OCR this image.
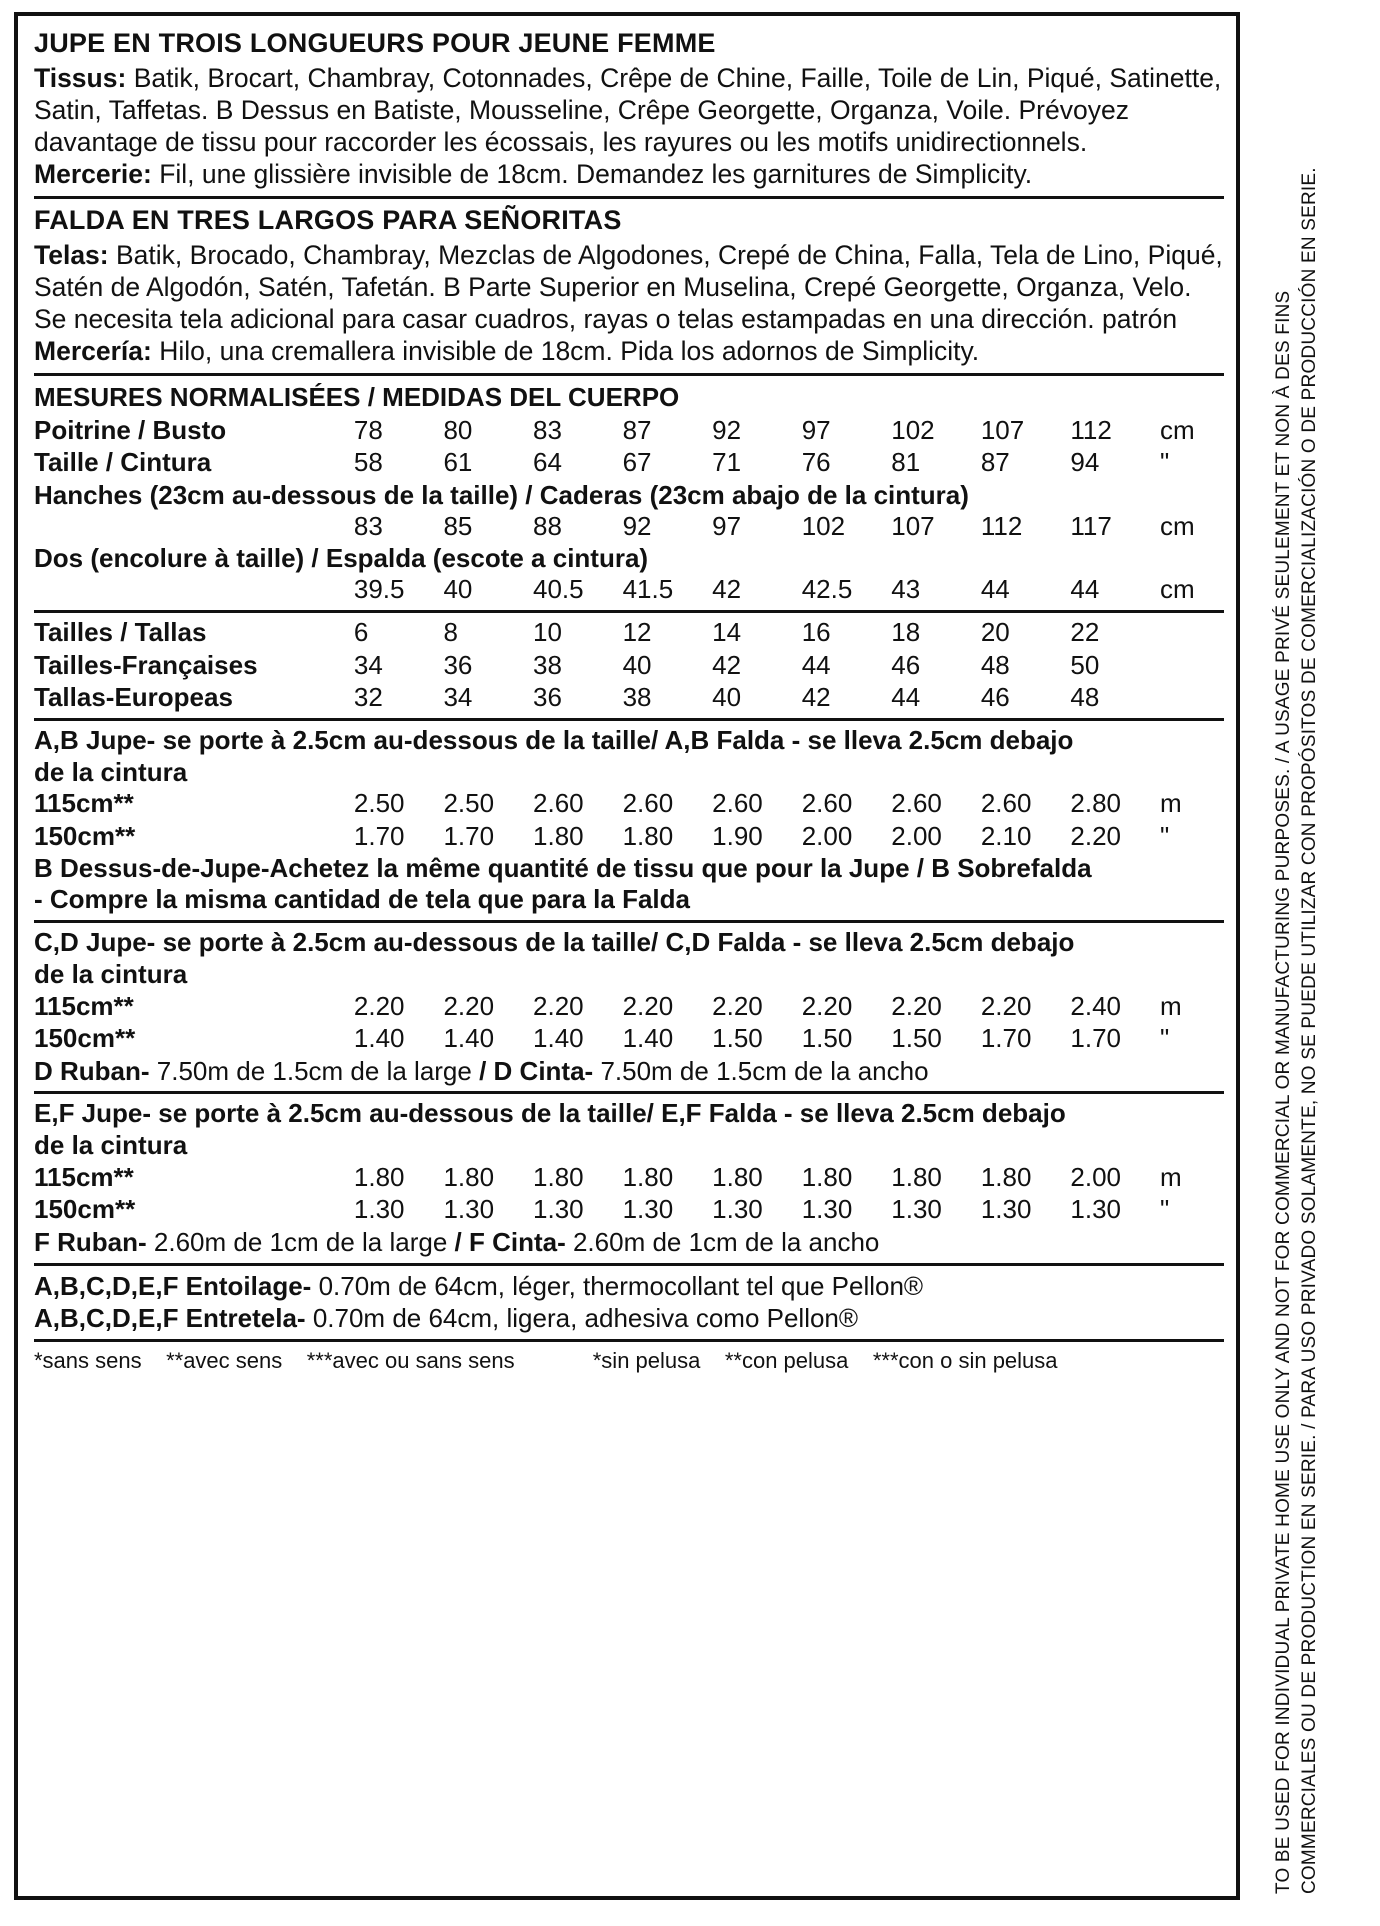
JUPE EN TROIS LONGUEURS POUR JEUNE FEMME
Tissus: Batik, Brocart, Chambray, Cotonnades, Crêpe de Chine, Faille, Toile de Lin, Piqué, Satinette, Satin, Taffetas. B Dessus en Batiste, Mousseline, Crêpe Georgette, Organza, Voile. Prévoyez davantage de tissu pour raccorder les écossais, les rayures ou les motifs unidirectionnels.
Mercerie: Fil, une glissière invisible de 18cm. Demandez les garnitures de Simplicity.
FALDA EN TRES LARGOS PARA SEÑORITAS
Telas: Batik, Brocado, Chambray, Mezclas de Algodones, Crepé de China, Falla, Tela de Lino, Piqué, Satén de Algodón, Satén, Tafetán. B Parte Superior en Muselina, Crepé Georgette, Organza, Velo. Se necesita tela adicional para casar cuadros, rayas o telas estampadas en una dirección. patrón
Mercería: Hilo, una cremallera invisible de 18cm. Pida los adornos de Simplicity.
MESURES NORMALISÉES / MEDIDAS DEL CUERPO
Poitrine / Busto	78	80	83	87	92	97	102	107	112	cm
Taille / Cintura	58	61	64	67	71	76	81	87	94	"
Hanches (23cm au-dessous de la taille) / Caderas (23cm abajo de la cintura)
	83	85	88	92	97	102	107	112	117	cm
Dos (encolure à taille) / Espalda (escote a cintura)
	39.5	40	40.5	41.5	42	42.5	43	44	44	cm
Tailles / Tallas	6	8	10	12	14	16	18	20	22	
Tailles-Françaises	34	36	38	40	42	44	46	48	50	
Tallas-Europeas	32	34	36	38	40	42	44	46	48	
A,B Jupe- se porte à 2.5cm au-dessous de la taille/ A,B Falda - se lleva 2.5cm debajo
de la cintura
115cm**	2.50	2.50	2.60	2.60	2.60	2.60	2.60	2.60	2.80	m
150cm**	1.70	1.70	1.80	1.80	1.90	2.00	2.00	2.10	2.20	"
B Dessus-de-Jupe-Achetez la même quantité de tissu que pour la Jupe / B Sobrefalda
- Compre la misma cantidad de tela que para la Falda
C,D Jupe- se porte à 2.5cm au-dessous de la taille/ C,D Falda - se lleva 2.5cm debajo
de la cintura
115cm**	2.20	2.20	2.20	2.20	2.20	2.20	2.20	2.20	2.40	m
150cm**	1.40	1.40	1.40	1.40	1.50	1.50	1.50	1.70	1.70	"
D Ruban- 7.50m de 1.5cm de la large / D Cinta- 7.50m de 1.5cm de la ancho
E,F Jupe- se porte à 2.5cm au-dessous de la taille/ E,F Falda - se lleva 2.5cm debajo
de la cintura
115cm**	1.80	1.80	1.80	1.80	1.80	1.80	1.80	1.80	2.00	m
150cm**	1.30	1.30	1.30	1.30	1.30	1.30	1.30	1.30	1.30	"
F Ruban- 2.60m de 1cm de la large / F Cinta- 2.60m de 1cm de la ancho
A,B,C,D,E,F Entoilage- 0.70m de 64cm, léger, thermocollant tel que Pellon®
A,B,C,D,E,F Entretela- 0.70m de 64cm, ligera, adhesiva como Pellon®
*sans sens **avec sens ***avec ou sans sens	*sin pelusa **con pelusa ***con o sin pelusa	TO BE USED FOR INDIVIDUAL PRIVATE HOME USE ONLY AND NOT FOR COMMERCIAL OR MANUFACTURING PURPOSES. / A USAGE PRIVÉ SEULEMENT ET NON À DES FINS COMMERCIALES OU DE PRODUCTION EN SERIE. / PARA USO PRIVADO SOLAMENTE, NO SE PUEDE UTILIZAR CON PROPÓSITOS DE COMERCIALIZACIÓN O DE PRODUCCIÓN EN SERIE.
